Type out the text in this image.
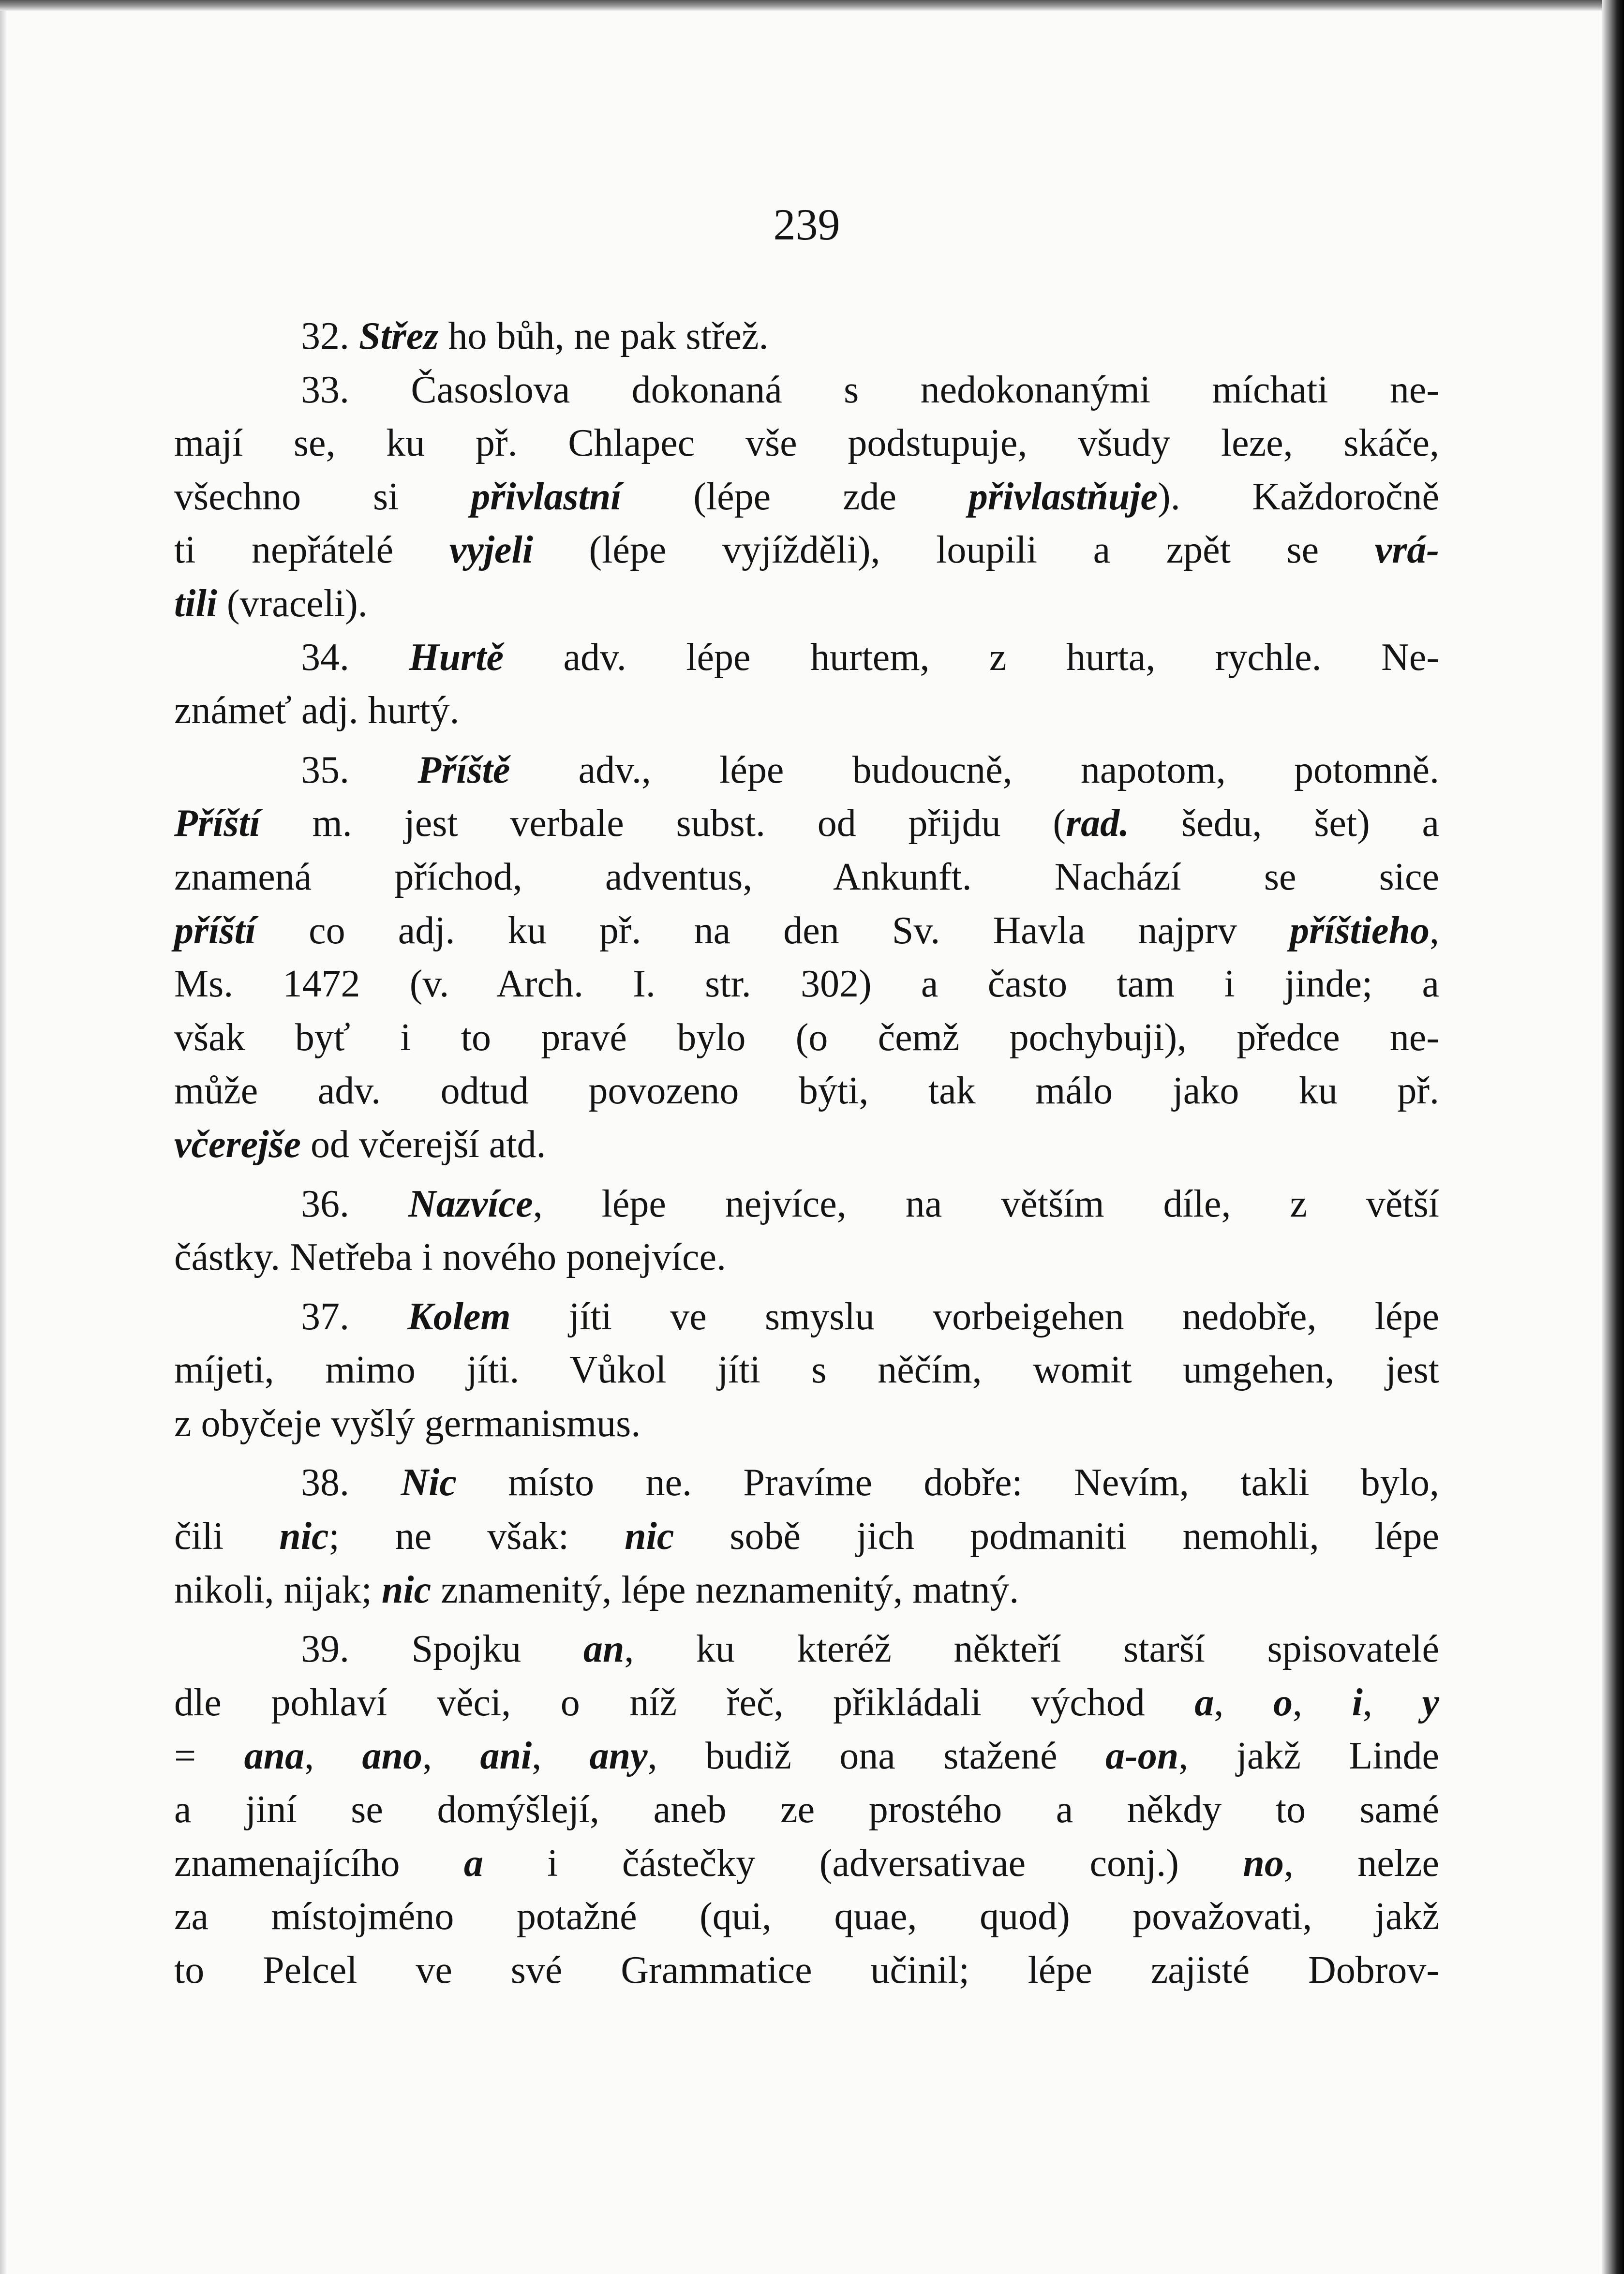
239
32. Střez ho bůh, ne pak střež.
33. Časoslova dokonaná s nedokonanými míchati ne-
mají se, ku př. Chlapec vše podstupuje, všudy leze, skáče,
všechno si přivlastní (lépe zde přivlastňuje). Každoročně
ti nepřátelé vyjeli (lépe vyjížděli), loupili a zpět se vrá-
tili (vraceli).
34. Hurtě adv. lépe hurtem, z hurta, rychle. Ne-
známeť adj. hurtý.
35. Příště adv., lépe budoucně, napotom, potomně.
Příští m. jest verbale subst. od přijdu (rad. šedu, šet) a
znamená příchod, adventus, Ankunft. Nachází se sice
příští co adj. ku př. na den Sv. Havla najprv příštieho,
Ms. 1472 (v. Arch. I. str. 302) a často tam i jinde; a
však byť i to pravé bylo (o čemž pochybuji), předce ne-
může adv. odtud povozeno býti, tak málo jako ku př.
včerejše od včerejší atd.
36. Nazvíce, lépe nejvíce, na větším díle, z větší
částky. Netřeba i nového ponejvíce.
37. Kolem jíti ve smyslu vorbeigehen nedobře, lépe
míjeti, mimo jíti. Vůkol jíti s něčím, womit umgehen, jest
z obyčeje vyšlý germanismus.
38. Nic místo ne. Pravíme dobře: Nevím, takli bylo,
čili nic; ne však: nic sobě jich podmaniti nemohli, lépe
nikoli, nijak; nic znamenitý, lépe neznamenitý, matný.
39. Spojku an, ku kteréž někteří starší spisovatelé
dle pohlaví věci, o níž řeč, přikládali východ a, o, i, y
= ana, ano, ani, any, budiž ona stažené a-on, jakž Linde
a jiní se domýšlejí, aneb ze prostého a někdy to samé
znamenajícího a i částečky (adversativae conj.) no, nelze
za místojméno potažné (qui, quae, quod) považovati, jakž
to Pelcel ve své Grammatice učinil; lépe zajisté Dobrov-
